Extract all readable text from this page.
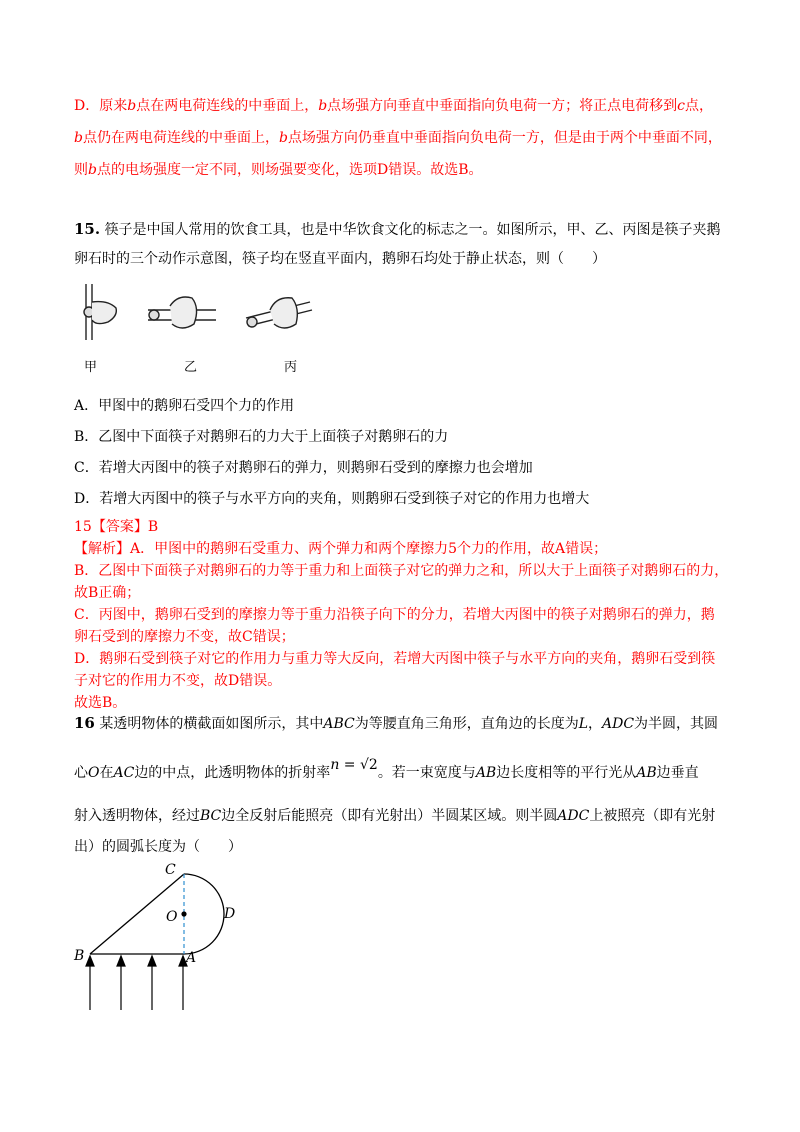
D．原来b点在两电荷连线的中垂面上，b点场强方向垂直中垂面指向负电荷一方；将正点电荷移到c点，
b点仍在两电荷连线的中垂面上，b点场强方向仍垂直中垂面指向负电荷一方，但是由于两个中垂面不同，
则b点的电场强度一定不同，则场强要变化，选项D错误。故选B。
15. 筷子是中国人常用的饮食工具，也是中华饮食文化的标志之一。如图所示，甲、乙、丙图是筷子夹鹅
卵石时的三个动作示意图，筷子均在竖直平面内，鹅卵石均处于静止状态，则（　　）
甲	乙	丙
A．甲图中的鹅卵石受四个力的作用
B．乙图中下面筷子对鹅卵石的力大于上面筷子对鹅卵石的力
C．若增大丙图中的筷子对鹅卵石的弹力，则鹅卵石受到的摩擦力也会增加
D．若增大丙图中的筷子与水平方向的夹角，则鹅卵石受到筷子对它的作用力也增大
15【答案】B
【解析】A．甲图中的鹅卵石受重力、两个弹力和两个摩擦力5个力的作用，故A错误；
B．乙图中下面筷子对鹅卵石的力等于重力和上面筷子对它的弹力之和，所以大于上面筷子对鹅卵石的力，
故B正确；
C．丙图中，鹅卵石受到的摩擦力等于重力沿筷子向下的分力，若增大丙图中的筷子对鹅卵石的弹力，鹅
卵石受到的摩擦力不变，故C错误；
D．鹅卵石受到筷子对它的作用力与重力等大反向，若增大丙图中筷子与水平方向的夹角，鹅卵石受到筷
子对它的作用力不变，故D错误。
故选B。
16 某透明物体的横截面如图所示，其中ABC为等腰直角三角形，直角边的长度为L，ADC为半圆，其圆
心O在AC边的中点，此透明物体的折射率n = √2。若一束宽度与AB边长度相等的平行光从AB边垂直
射入透明物体，经过BC边全反射后能照亮（即有光射出）半圆某区域。则半圆ADC上被照亮（即有光射
出）的圆弧长度为（　　）
C
O	D
B	A
